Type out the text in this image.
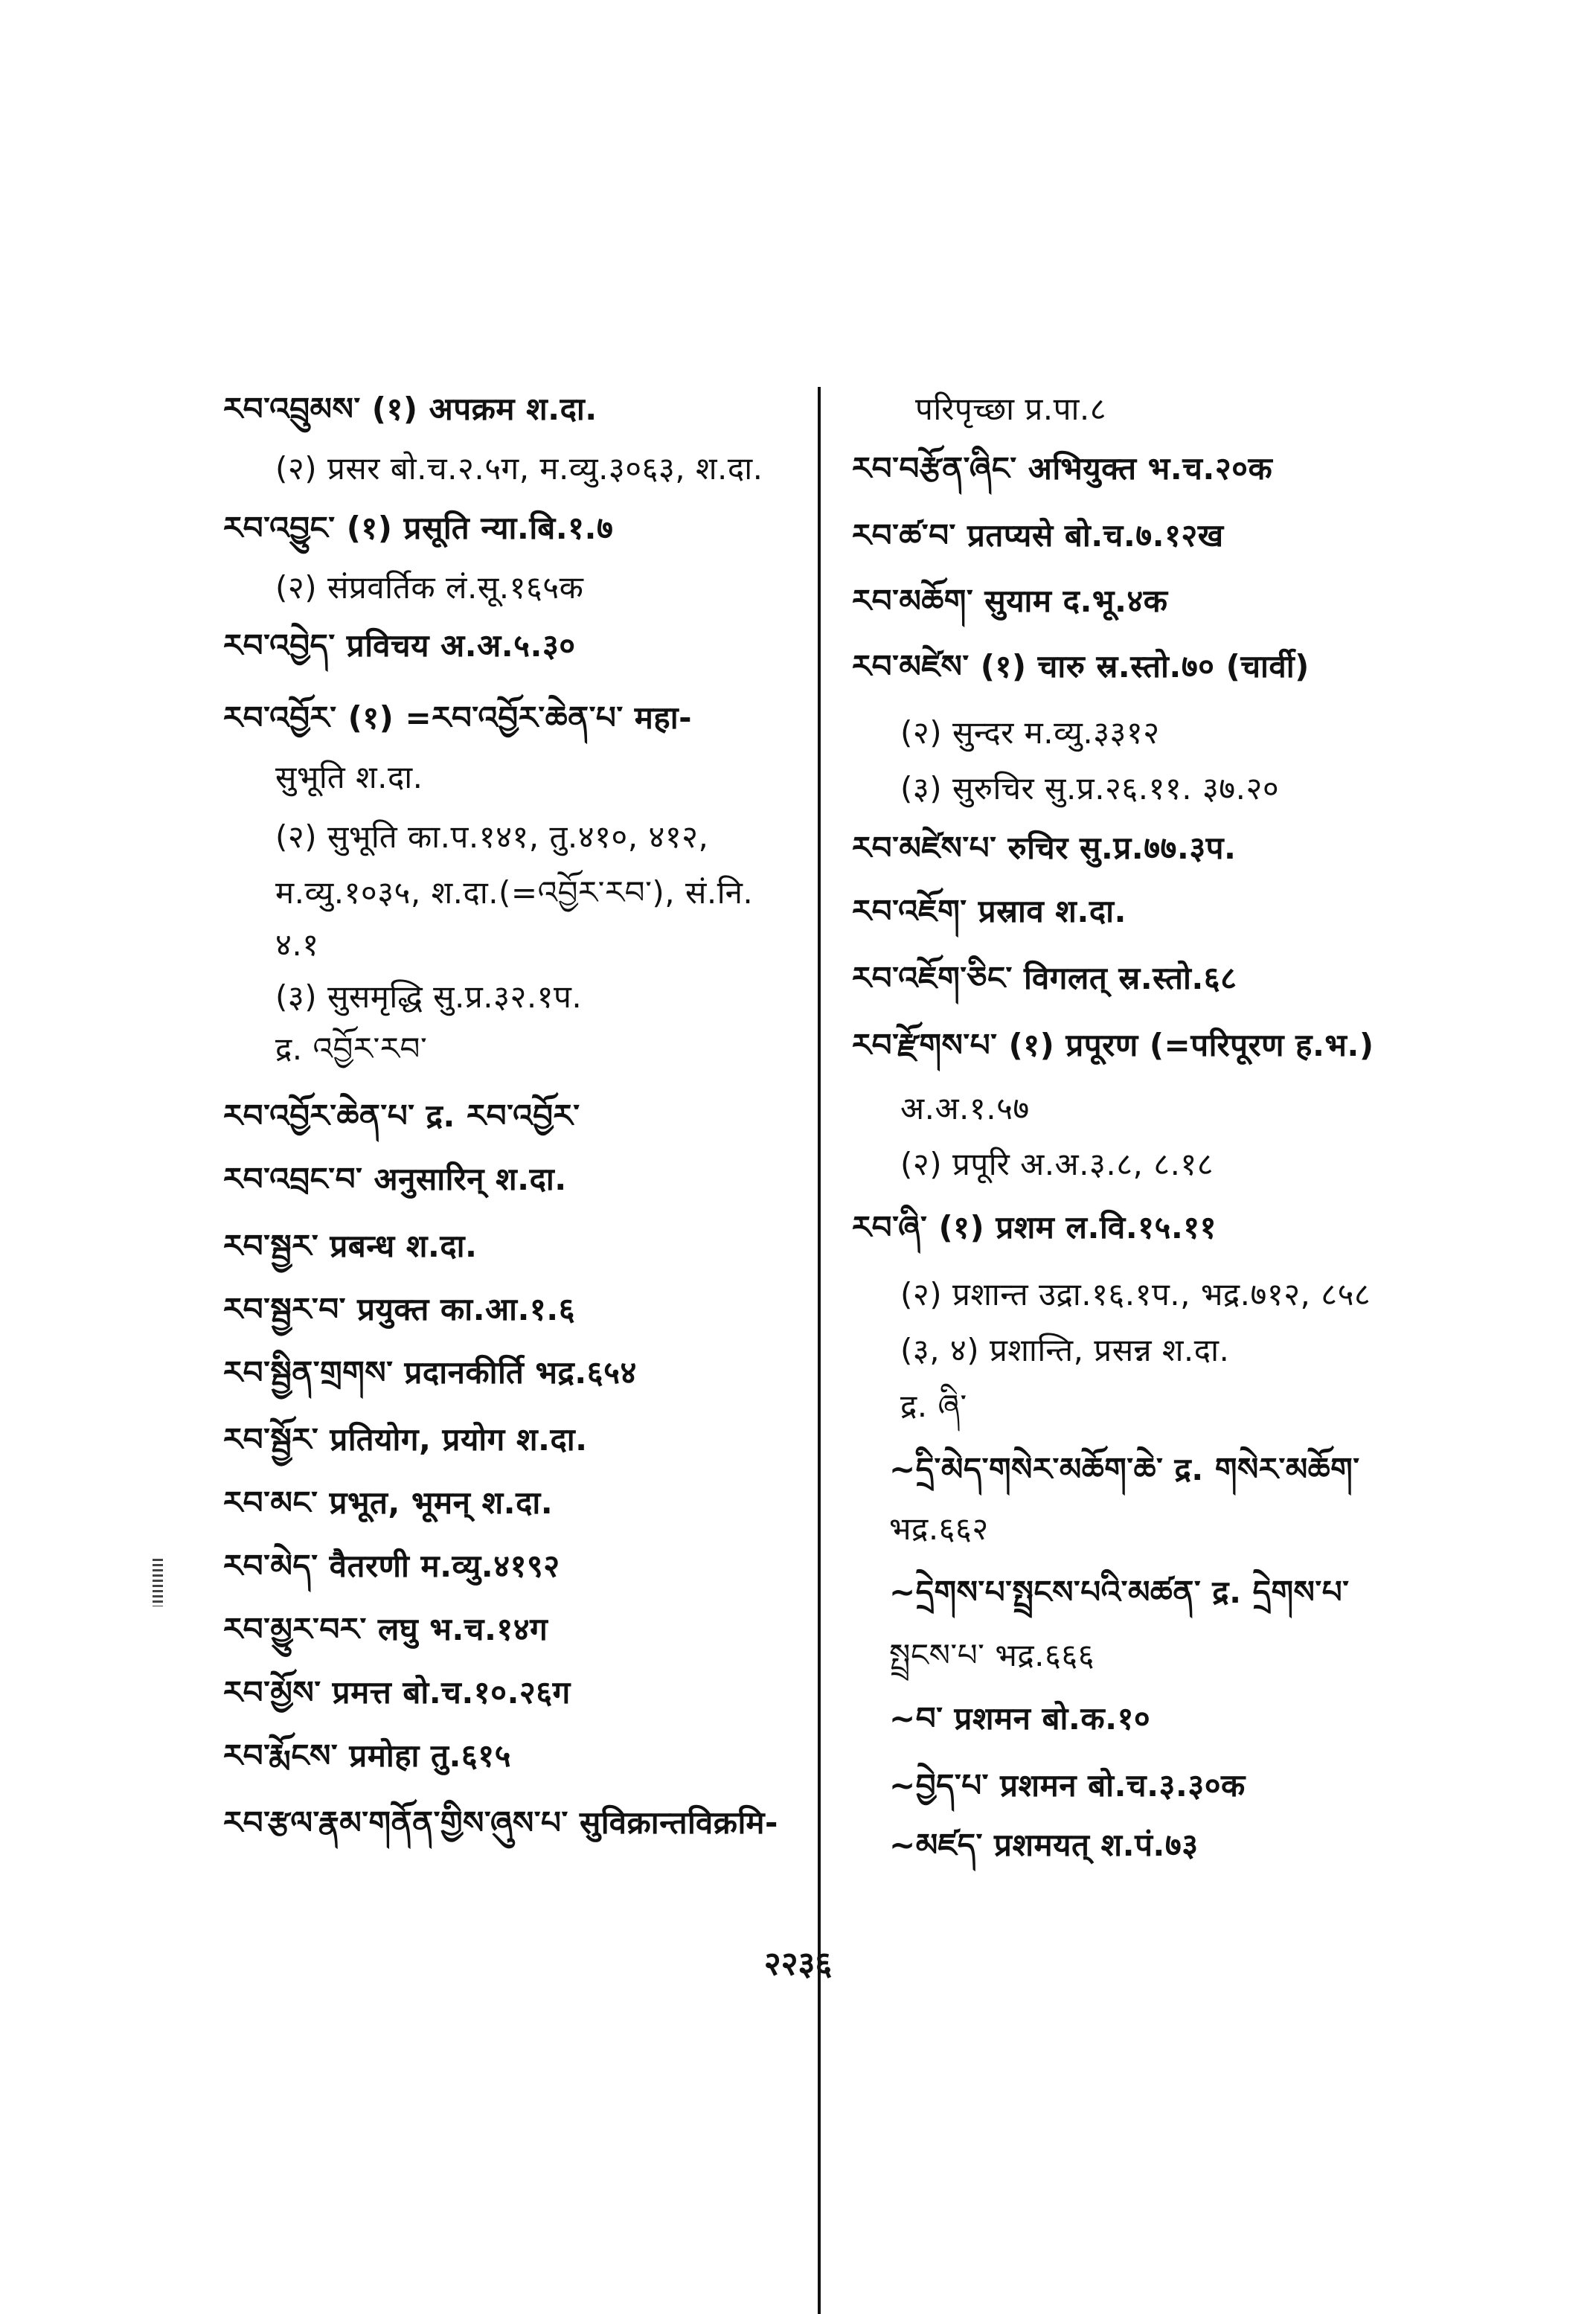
རབ་འབྲུམས་ (१) अपक्रम श.दा.
(२) प्रसर बो.च.२.५ग, म.व्यु.३०६३, श.दा.
རབ་འབྱུང་ (१) प्रसूति न्या.बि.१.७
(२) संप्रवर्तिक लं.सू.१६५क
རབ་འབྱེད་ प्रविचय अ.अ.५.३०
རབ་འབྱོར་ (१) =རབ་འབྱོར་ཆེན་པ་ महा-
सुभूति श.दा.
(२) सुभूति का.प.१४१, तु.४१०, ४१२,
म.व्यु.१०३५, श.दा.(=འབྱོར་རབ་), सं.नि.
४.१
(३) सुसमृद्धि सु.प्र.३२.१प.
द्र. འབྱོར་རབ་
རབ་འབྱོར་ཆེན་པ་ द्र. རབ་འབྱོར་
རབ་འབྲང་བ་ अनुसारिन् श.दा.
རབ་སྦྱར་ प्रबन्ध श.दा.
རབ་སྦྱར་བ་ प्रयुक्त का.आ.१.६
རབ་སྦྱིན་གྲགས་ प्रदानकीर्ति भद्र.६५४
རབ་སྦྱོར་ प्रतियोग, प्रयोग श.दा.
རབ་མང་ प्रभूत, भूमन् श.दा.
རབ་མེད་ वैतरणी म.व्यु.४१९२
རབ་མྱུར་བར་ लघु भ.च.१४ग
རབ་མྱོས་ प्रमत्त बो.च.१०.२६ग
རབ་རྨོངས་ प्रमोहा तु.६१५
རབ་རྩལ་རྣམ་གནོན་གྱིས་ཞུས་པ་ सुविक्रान्तविक्रमि-
परिपृच्छा प्र.पा.८
རབ་བརྩོན་ཞིང་ अभियुक्त भ.च.२०क
རབ་ཚ་བ་ प्रतप्यसे बो.च.७.१२ख
རབ་མཆོག་ सुयाम द.भू.४क
རབ་མཛེས་ (१) चारु स्र.स्तो.७० (चार्वी)
(२) सुन्दर म.व्यु.३३१२
(३) सुरुचिर सु.प्र.२६.११. ३७.२०
རབ་མཛེས་པ་ रुचिर सु.प्र.७७.३प.
རབ་འཇོག་ प्रस्राव श.दा.
རབ་འཇོག་ཅིང་ विगलत् स्र.स्तो.६८
རབ་རྫོགས་པ་ (१) प्रपूरण (=परिपूरण ह.भ.)
अ.अ.१.५७
(२) प्रपूरि अ.अ.३.८, ८.१८
རབ་ཞི་ (१) प्रशम ल.वि.१५.११
(२) प्रशान्त उद्रा.१६.१प., भद्र.७१२, ८५८
(३, ४) प्रशान्ति, प्रसन्न श.दा.
द्र. ཞི་
~དྲི་མེད་གསེར་མཆོག་ཆེ་ द्र. གསེར་མཆོག་
भद्र.६६२
~དྲེགས་པ་སྤྲངས་པའི་མཚན་ द्र. དྲེགས་པ་
སྤྲངས་པ་ भद्र.६६६
~བ་ प्रशमन बो.क.१०
~བྱེད་པ་ प्रशमन बो.च.३.३०क
~མཛད་ प्रशमयत् श.पं.७३
२२३६
